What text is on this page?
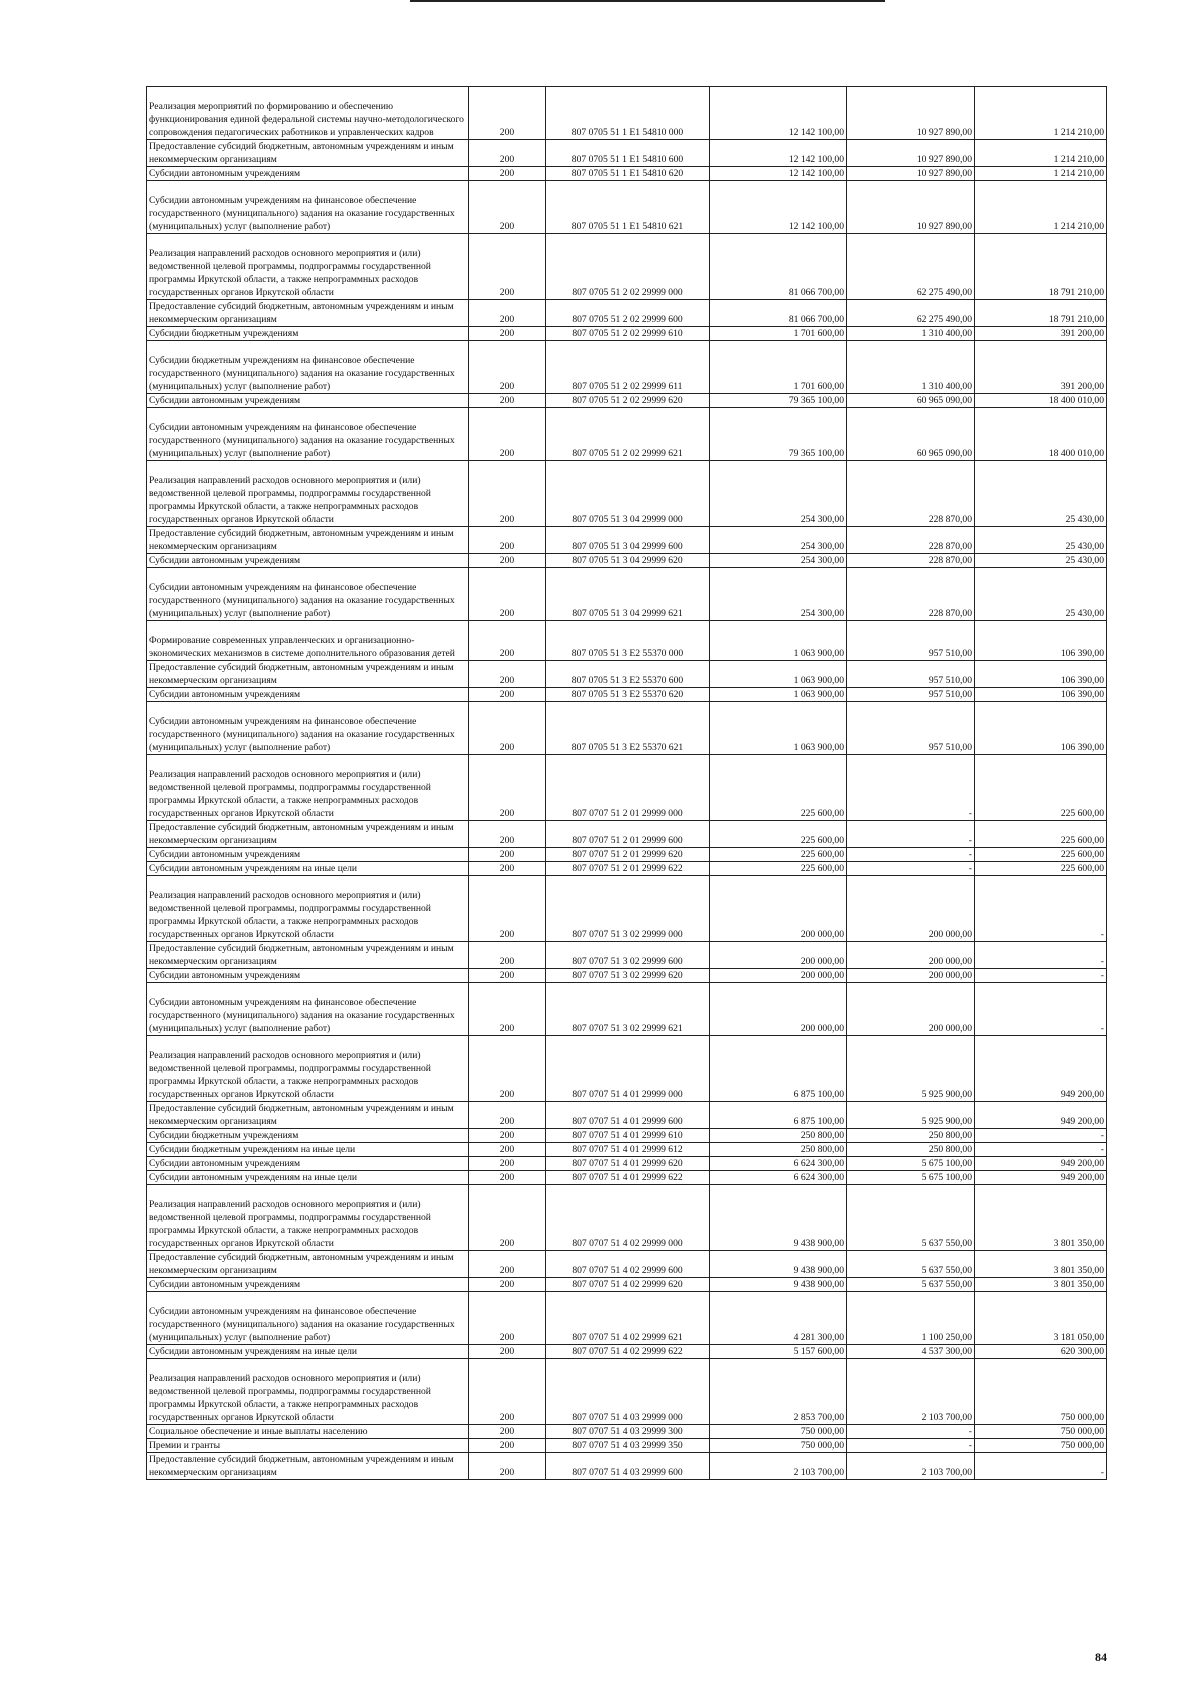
Реализация мероприятий по формированию и обеспечению функционирования единой федеральной системы научно-методологического сопровождения педагогических работников и управленческих кадров	200	807 0705 51 1 E1 54810 000	12 142 100,00	10 927 890,00	1 214 210,00
Предоставление субсидий бюджетным, автономным учреждениям и иным некоммерческим организациям	200	807 0705 51 1 E1 54810 600	12 142 100,00	10 927 890,00	1 214 210,00
Субсидии автономным учреждениям	200	807 0705 51 1 E1 54810 620	12 142 100,00	10 927 890,00	1 214 210,00
Субсидии автономным учреждениям на финансовое обеспечение государственного (муниципального) задания на оказание государственных (муниципальных) услуг (выполнение работ)	200	807 0705 51 1 E1 54810 621	12 142 100,00	10 927 890,00	1 214 210,00
Реализация направлений расходов основного мероприятия и (или) ведомственной целевой программы, подпрограммы государственной программы Иркутской области, а также непрограммных расходов государственных органов Иркутской области	200	807 0705 51 2 02 29999 000	81 066 700,00	62 275 490,00	18 791 210,00
Предоставление субсидий бюджетным, автономным учреждениям и иным некоммерческим организациям	200	807 0705 51 2 02 29999 600	81 066 700,00	62 275 490,00	18 791 210,00
Субсидии бюджетным учреждениям	200	807 0705 51 2 02 29999 610	1 701 600,00	1 310 400,00	391 200,00
Субсидии бюджетным учреждениям на финансовое обеспечение государственного (муниципального) задания на оказание государственных (муниципальных) услуг (выполнение работ)	200	807 0705 51 2 02 29999 611	1 701 600,00	1 310 400,00	391 200,00
Субсидии автономным учреждениям	200	807 0705 51 2 02 29999 620	79 365 100,00	60 965 090,00	18 400 010,00
Субсидии автономным учреждениям на финансовое обеспечение государственного (муниципального) задания на оказание государственных (муниципальных) услуг (выполнение работ)	200	807 0705 51 2 02 29999 621	79 365 100,00	60 965 090,00	18 400 010,00
Реализация направлений расходов основного мероприятия и (или) ведомственной целевой программы, подпрограммы государственной программы Иркутской области, а также непрограммных расходов государственных органов Иркутской области	200	807 0705 51 3 04 29999 000	254 300,00	228 870,00	25 430,00
Предоставление субсидий бюджетным, автономным учреждениям и иным некоммерческим организациям	200	807 0705 51 3 04 29999 600	254 300,00	228 870,00	25 430,00
Субсидии автономным учреждениям	200	807 0705 51 3 04 29999 620	254 300,00	228 870,00	25 430,00
Субсидии автономным учреждениям на финансовое обеспечение государственного (муниципального) задания на оказание государственных (муниципальных) услуг (выполнение работ)	200	807 0705 51 3 04 29999 621	254 300,00	228 870,00	25 430,00
Формирование современных управленческих и организационно-экономических механизмов в системе дополнительного образования детей	200	807 0705 51 3 E2 55370 000	1 063 900,00	957 510,00	106 390,00
Предоставление субсидий бюджетным, автономным учреждениям и иным некоммерческим организациям	200	807 0705 51 3 E2 55370 600	1 063 900,00	957 510,00	106 390,00
Субсидии автономным учреждениям	200	807 0705 51 3 E2 55370 620	1 063 900,00	957 510,00	106 390,00
Субсидии автономным учреждениям на финансовое обеспечение государственного (муниципального) задания на оказание государственных (муниципальных) услуг (выполнение работ)	200	807 0705 51 3 E2 55370 621	1 063 900,00	957 510,00	106 390,00
Реализация направлений расходов основного мероприятия и (или) ведомственной целевой программы, подпрограммы государственной программы Иркутской области, а также непрограммных расходов государственных органов Иркутской области	200	807 0707 51 2 01 29999 000	225 600,00	-	225 600,00
Предоставление субсидий бюджетным, автономным учреждениям и иным некоммерческим организациям	200	807 0707 51 2 01 29999 600	225 600,00	-	225 600,00
Субсидии автономным учреждениям	200	807 0707 51 2 01 29999 620	225 600,00	-	225 600,00
Субсидии автономным учреждениям на иные цели	200	807 0707 51 2 01 29999 622	225 600,00	-	225 600,00
Реализация направлений расходов основного мероприятия и (или) ведомственной целевой программы, подпрограммы государственной программы Иркутской области, а также непрограммных расходов государственных органов Иркутской области	200	807 0707 51 3 02 29999 000	200 000,00	200 000,00	-
Предоставление субсидий бюджетным, автономным учреждениям и иным некоммерческим организациям	200	807 0707 51 3 02 29999 600	200 000,00	200 000,00	-
Субсидии автономным учреждениям	200	807 0707 51 3 02 29999 620	200 000,00	200 000,00	-
Субсидии автономным учреждениям на финансовое обеспечение государственного (муниципального) задания на оказание государственных (муниципальных) услуг (выполнение работ)	200	807 0707 51 3 02 29999 621	200 000,00	200 000,00	-
Реализация направлений расходов основного мероприятия и (или) ведомственной целевой программы, подпрограммы государственной программы Иркутской области, а также непрограммных расходов государственных органов Иркутской области	200	807 0707 51 4 01 29999 000	6 875 100,00	5 925 900,00	949 200,00
Предоставление субсидий бюджетным, автономным учреждениям и иным некоммерческим организациям	200	807 0707 51 4 01 29999 600	6 875 100,00	5 925 900,00	949 200,00
Субсидии бюджетным учреждениям	200	807 0707 51 4 01 29999 610	250 800,00	250 800,00	-
Субсидии бюджетным учреждениям на иные цели	200	807 0707 51 4 01 29999 612	250 800,00	250 800,00	-
Субсидии автономным учреждениям	200	807 0707 51 4 01 29999 620	6 624 300,00	5 675 100,00	949 200,00
Субсидии автономным учреждениям на иные цели	200	807 0707 51 4 01 29999 622	6 624 300,00	5 675 100,00	949 200,00
Реализация направлений расходов основного мероприятия и (или) ведомственной целевой программы, подпрограммы государственной программы Иркутской области, а также непрограммных расходов государственных органов Иркутской области	200	807 0707 51 4 02 29999 000	9 438 900,00	5 637 550,00	3 801 350,00
Предоставление субсидий бюджетным, автономным учреждениям и иным некоммерческим организациям	200	807 0707 51 4 02 29999 600	9 438 900,00	5 637 550,00	3 801 350,00
Субсидии автономным учреждениям	200	807 0707 51 4 02 29999 620	9 438 900,00	5 637 550,00	3 801 350,00
Субсидии автономным учреждениям на финансовое обеспечение государственного (муниципального) задания на оказание государственных (муниципальных) услуг (выполнение работ)	200	807 0707 51 4 02 29999 621	4 281 300,00	1 100 250,00	3 181 050,00
Субсидии автономным учреждениям на иные цели	200	807 0707 51 4 02 29999 622	5 157 600,00	4 537 300,00	620 300,00
Реализация направлений расходов основного мероприятия и (или) ведомственной целевой программы, подпрограммы государственной программы Иркутской области, а также непрограммных расходов государственных органов Иркутской области	200	807 0707 51 4 03 29999 000	2 853 700,00	2 103 700,00	750 000,00
Социальное обеспечение и иные выплаты населению	200	807 0707 51 4 03 29999 300	750 000,00	-	750 000,00
Премии и гранты	200	807 0707 51 4 03 29999 350	750 000,00	-	750 000,00
Предоставление субсидий бюджетным, автономным учреждениям и иным некоммерческим организациям	200	807 0707 51 4 03 29999 600	2 103 700,00	2 103 700,00	-
84
